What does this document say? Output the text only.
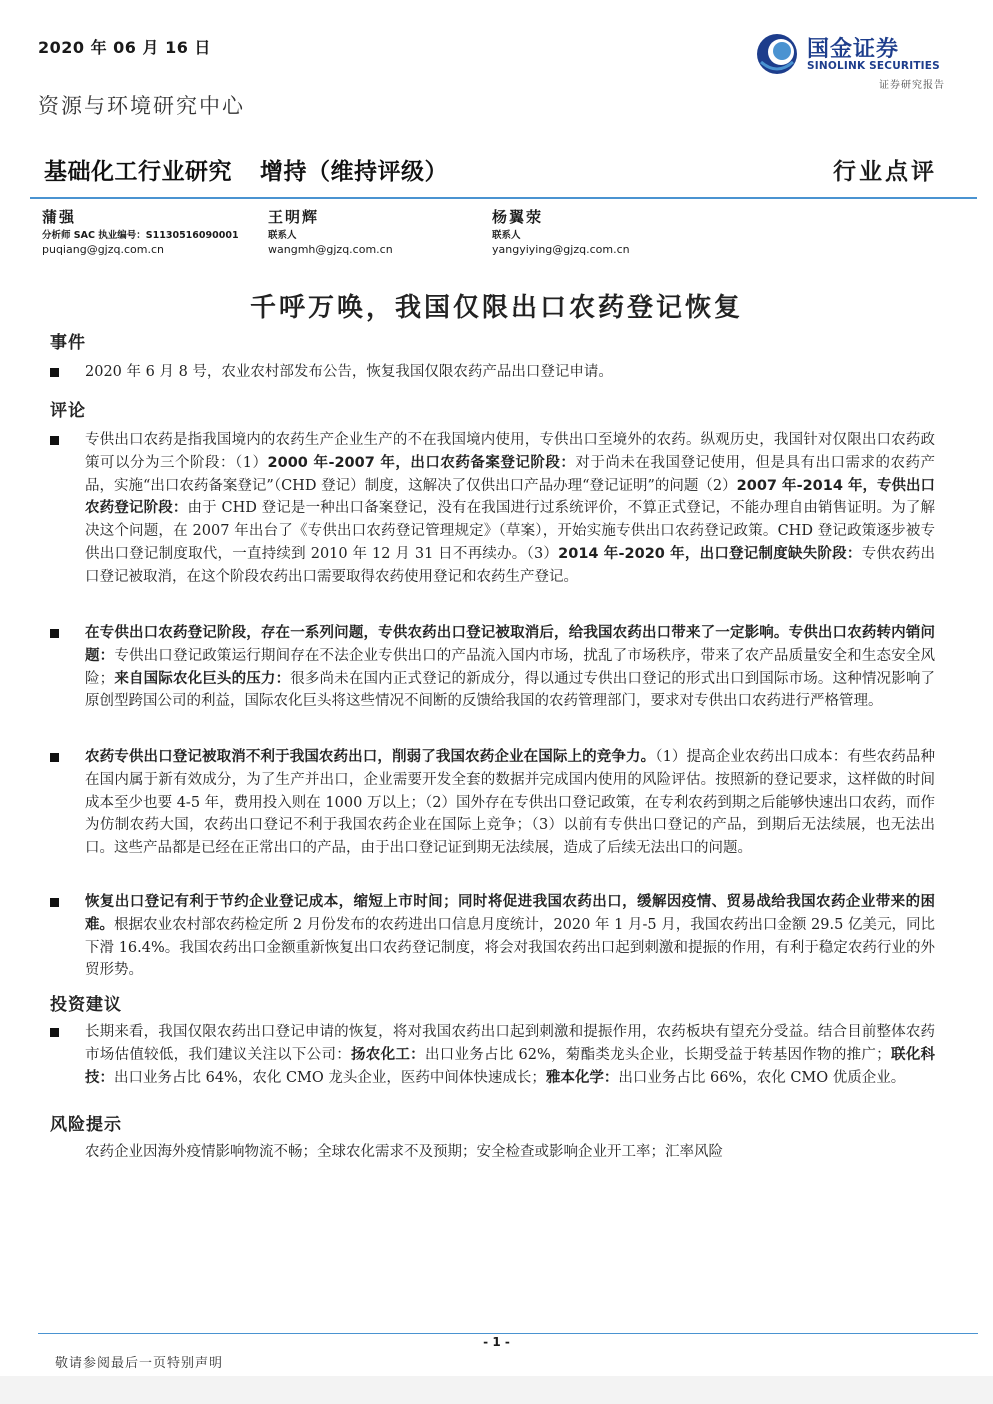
2020 年 06 月 16 日	国金证券
SINOLINK SECURITIES
证券研究报告
资源与环境研究中心
基础化工行业研究 增持（维持评级）	行业点评
蒲强
分析师 SAC 执业编号：S1130516090001
puqiang@gjzq.com.cn
王明辉
联系人
wangmh@gjzq.com.cn
杨翼荥
联系人
yangyiying@gjzq.com.cn
千呼万唤，我国仅限出口农药登记恢复
事件
2020 年 6 月 8 号，农业农村部发布公告，恢复我国仅限农药产品出口登记申请。
评论
专供出口农药是指我国境内的农药生产企业生产的不在我国境内使用，专供出口至境外的农药。纵观历史，我国针对仅限出口农药政策可以分为三个阶段：（1）2000 年-2007 年，出口农药备案登记阶段：对于尚未在我国登记使用，但是具有出口需求的农药产品，实施“出口农药备案登记”（CHD 登记）制度，这解决了仅供出口产品办理“登记证明”的问题（2）2007 年-2014 年，专供出口农药登记阶段：由于 CHD 登记是一种出口备案登记，没有在我国进行过系统评价，不算正式登记，不能办理自由销售证明。为了解决这个问题，在 2007 年出台了《专供出口农药登记管理规定》（草案），开始实施专供出口农药登记政策。CHD 登记政策逐步被专供出口登记制度取代，一直持续到 2010 年 12 月 31 日不再续办。（3）2014 年-2020 年，出口登记制度缺失阶段：专供农药出口登记被取消，在这个阶段农药出口需要取得农药使用登记和农药生产登记。
在专供出口农药登记阶段，存在一系列问题，专供农药出口登记被取消后，给我国农药出口带来了一定影响。专供出口农药转内销问题：专供出口登记政策运行期间存在不法企业专供出口的产品流入国内市场，扰乱了市场秩序，带来了农产品质量安全和生态安全风险；来自国际农化巨头的压力：很多尚未在国内正式登记的新成分，得以通过专供出口登记的形式出口到国际市场。这种情况影响了原创型跨国公司的利益，国际农化巨头将这些情况不间断的反馈给我国的农药管理部门，要求对专供出口农药进行严格管理。
农药专供出口登记被取消不利于我国农药出口，削弱了我国农药企业在国际上的竞争力。（1）提高企业农药出口成本：有些农药品种在国内属于新有效成分，为了生产并出口，企业需要开发全套的数据并完成国内使用的风险评估。按照新的登记要求，这样做的时间成本至少也要 4-5 年，费用投入则在 1000 万以上；（2）国外存在专供出口登记政策，在专利农药到期之后能够快速出口农药，而作为仿制农药大国，农药出口登记不利于我国农药企业在国际上竞争；（3）以前有专供出口登记的产品，到期后无法续展，也无法出口。这些产品都是已经在正常出口的产品，由于出口登记证到期无法续展，造成了后续无法出口的问题。
恢复出口登记有利于节约企业登记成本，缩短上市时间；同时将促进我国农药出口，缓解因疫情、贸易战给我国农药企业带来的困难。根据农业农村部农药检定所 2 月份发布的农药进出口信息月度统计，2020 年 1 月-5 月，我国农药出口金额 29.5 亿美元，同比下滑 16.4%。我国农药出口金额重新恢复出口农药登记制度，将会对我国农药出口起到刺激和提振的作用，有利于稳定农药行业的外贸形势。
投资建议
长期来看，我国仅限农药出口登记申请的恢复，将对我国农药出口起到刺激和提振作用，农药板块有望充分受益。结合目前整体农药市场估值较低，我们建议关注以下公司：扬农化工：出口业务占比 62%，菊酯类龙头企业，长期受益于转基因作物的推广；联化科技：出口业务占比 64%，农化 CMO 龙头企业，医药中间体快速成长；雅本化学：出口业务占比 66%，农化 CMO 优质企业。
风险提示
农药企业因海外疫情影响物流不畅；全球农化需求不及预期；安全检查或影响企业开工率；汇率风险
- 1 -
敬请参阅最后一页特别声明
